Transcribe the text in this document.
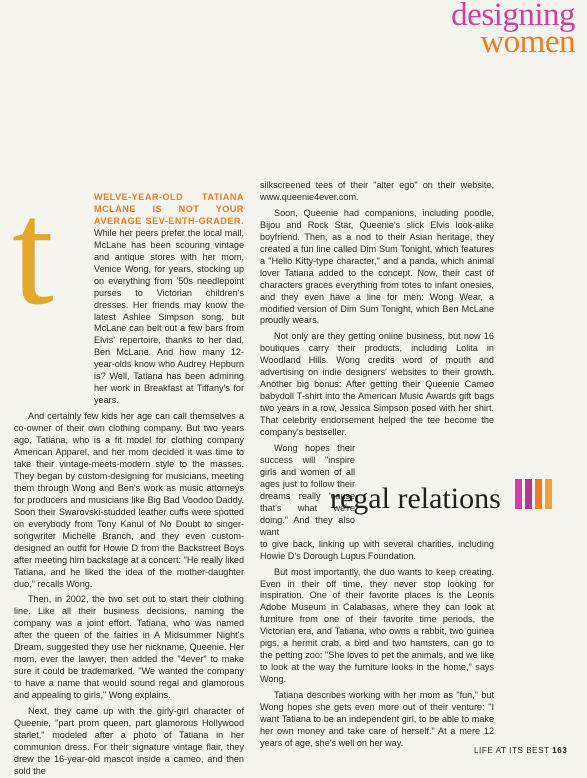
designing
women
t	WELVE-YEAR-OLD TATIANA MCLANE IS NOT YOUR AVERAGE SEV-ENTH-GRADER. While her peers prefer the local mall, McLane has been scouring vintage and antique stores with her mom, Venice Wong, for years, stocking up on everything from '50s needlepoint purses to Victorian children's dresses. Her friends may know the latest Ashlee Simpson song, but McLane can belt out a few bars from Elvis' repertoire, thanks to her dad, Ben McLane. And how many 12-year-olds know who Audrey Hepburn is? Well, Tatiana has been admiring her work in Breakfast at Tiffany's for years.

And certainly few kids her age can call themselves a co-owner of their own clothing company. But two years ago, Tatiana, who is a fit model for clothing company American Apparel, and her mom decided it was time to take their vintage-meets-modern style to the masses. They began by custom-designing for musicians, meeting them through Wong and Ben's work as music attorneys for producers and musicians like Big Bad Voodoo Daddy. Soon their Swarovski-studded leather cuffs were spotted on everybody from Tony Kanul of No Doubt to singer-songwriter Michelle Branch, and they even custom-designed an outfit for Howie D from the Backstreet Boys after meeting him backstage at a concert: "He really liked Tatiana, and he liked the idea of the mother-daughter duo," recalls Wong.

Then, in 2002, the two set out to start their clothing line. Like all their business decisions, naming the company was a joint effort. Tatiana, who was named after the queen of the fairies in A Midsummer Night's Dream, suggested they use her nickname, Queenie. Her mom, ever the lawyer, then added the "4ever" to make sure it could be trademarked. "We wanted the company to have a name that would sound regal and glamorous and appealing to girls," Wong explains.

Next, they came up with the girly-girl character of Queenie, "part prom queen, part glamorous Hollywood starlet," modeled after a photo of Tatiana in her communion dress. For their signature vintage flair, they drew the 16-year-old mascot inside a cameo, and then sold the

silkscreened tees of their "alter ego" on their website, www.queenie4ever.com.

Soon, Queenie had companions, including poodle, Bijou and Rock Star, Queenie's slick Elvis look-alike boyfriend. Then, as a nod to their Asian heritage, they created a fun line called Dim Sum Tonight, which features a "Hello Kitty-type character," and a panda, which animal lover Tatiana added to the concept. Now, their cast of characters graces everything from totes to infant onesies, and they even have a line for men: Wong Wear, a modified version of Dim Sum Tonight, which Ben McLane proudly wears.

Not only are they getting online business, but now 16 boutiques carry their products, including Lolita in Woodland Hills. Wong credits word of mouth and advertising on indie designers' websites to their growth. Another big bonus: After getting their Queenie Cameo babydoll T-shirt into the American Music Awards gift bags two years in a row, Jessica Simpson posed with her shirt. That celebrity endorsement helped the tee become the company's bestseller.

Wong hopes their success will "inspire girls and women of all ages just to follow their dreams really 'cause that's what we're doing." And they also want

to give back, linking up with several charities, including Howie D's Dorough Lupus Foundation.

But most importantly, the duo wants to keep creating. Even in their off time, they never stop looking for inspiration. One of their favorite places is the Leonis Adobe Museum in Calabasas, where they can look at furniture from one of their favorite time periods, the Victorian era, and Tatiana, who owns a rabbit, two guinea pigs, a hermit crab, a bird and two hamsters, can go to the petting zoo: "She loves to pet the animals, and we like to look at the way the furniture looks in the home," says Wong.

Tatiana describes working with her mom as "fun," but Wong hopes she gets even more out of their venture: "I want Tatiana to be an independent girl, to be able to make her own money and take care of herself." At a mere 12 years of age, she's well on her way.

regal relations
LIFE AT ITS BEST 163
